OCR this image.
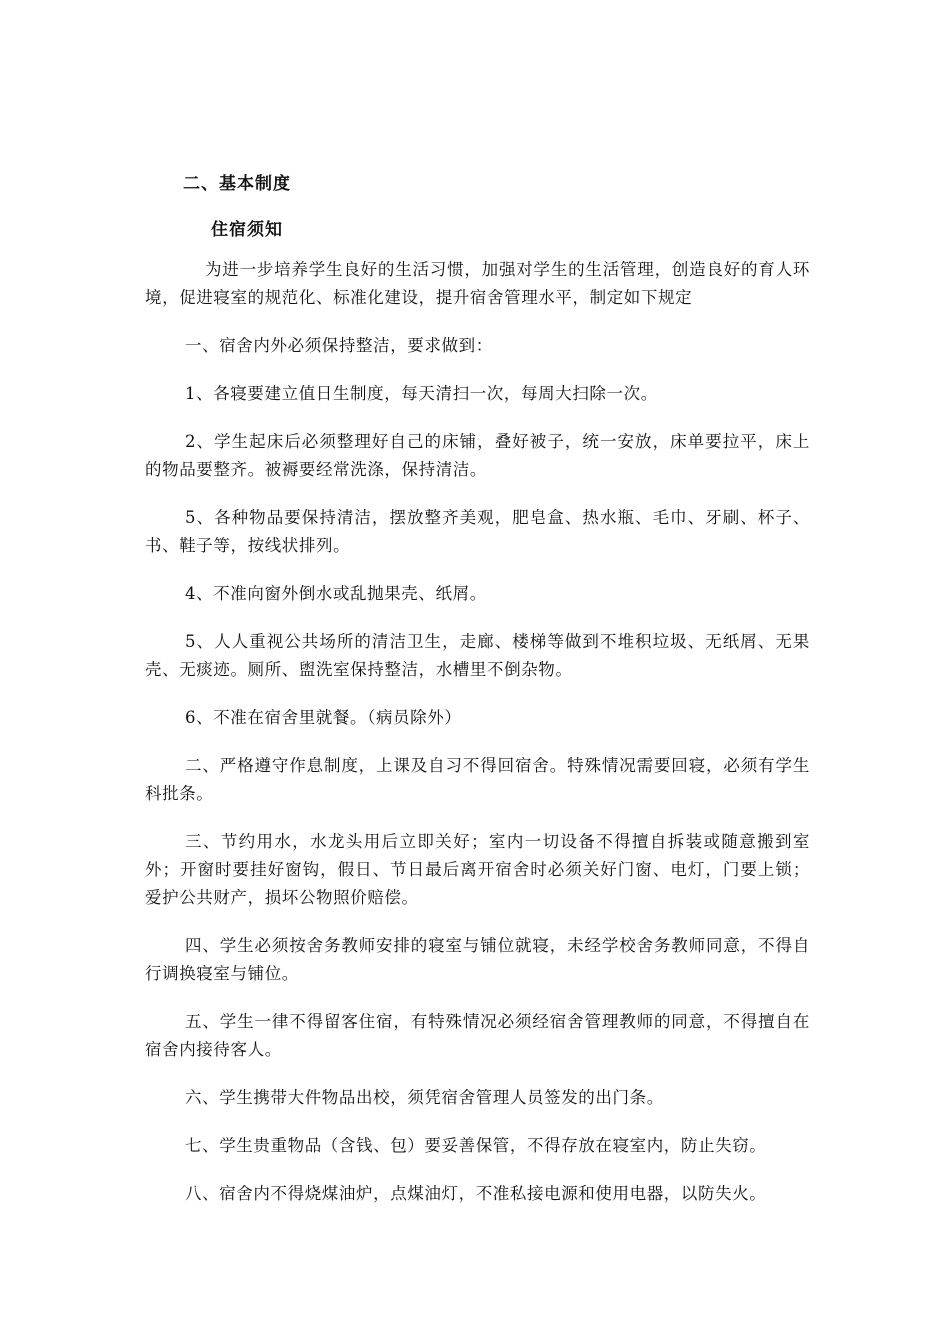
二、基本制度
住宿须知

为进一步培养学生良好的生活习惯，加强对学生的生活管理，创造良好的育人环境，促进寝室的规范化、标准化建设，提升宿舍管理水平，制定如下规定

一、宿舍内外必须保持整洁，要求做到：

1、各寝要建立值日生制度，每天清扫一次，每周大扫除一次。

2、学生起床后必须整理好自己的床铺，叠好被子，统一安放，床单要拉平，床上的物品要整齐。被褥要经常洗涤，保持清洁。

5、各种物品要保持清洁，摆放整齐美观，肥皂盒、热水瓶、毛巾、牙刷、杯子、书、鞋子等，按线状排列。

4、不准向窗外倒水或乱抛果壳、纸屑。

5、人人重视公共场所的清洁卫生，走廊、楼梯等做到不堆积垃圾、无纸屑、无果壳、无痰迹。厕所、盥洗室保持整洁，水槽里不倒杂物。

6、不准在宿舍里就餐。（病员除外）

二、严格遵守作息制度，上课及自习不得回宿舍。特殊情况需要回寝，必须有学生科批条。

三、节约用水，水龙头用后立即关好；室内一切设备不得擅自拆装或随意搬到室外；开窗时要挂好窗钩，假日、节日最后离开宿舍时必须关好门窗、电灯，门要上锁；爱护公共财产，损坏公物照价赔偿。

四、学生必须按舍务教师安排的寝室与铺位就寝，未经学校舍务教师同意，不得自行调换寝室与铺位。

五、学生一律不得留客住宿，有特殊情况必须经宿舍管理教师的同意，不得擅自在宿舍内接待客人。

六、学生携带大件物品出校，须凭宿舍管理人员签发的出门条。

七、学生贵重物品（含钱、包）要妥善保管，不得存放在寝室内，防止失窃。

八、宿舍内不得烧煤油炉，点煤油灯，不准私接电源和使用电器，以防失火。
